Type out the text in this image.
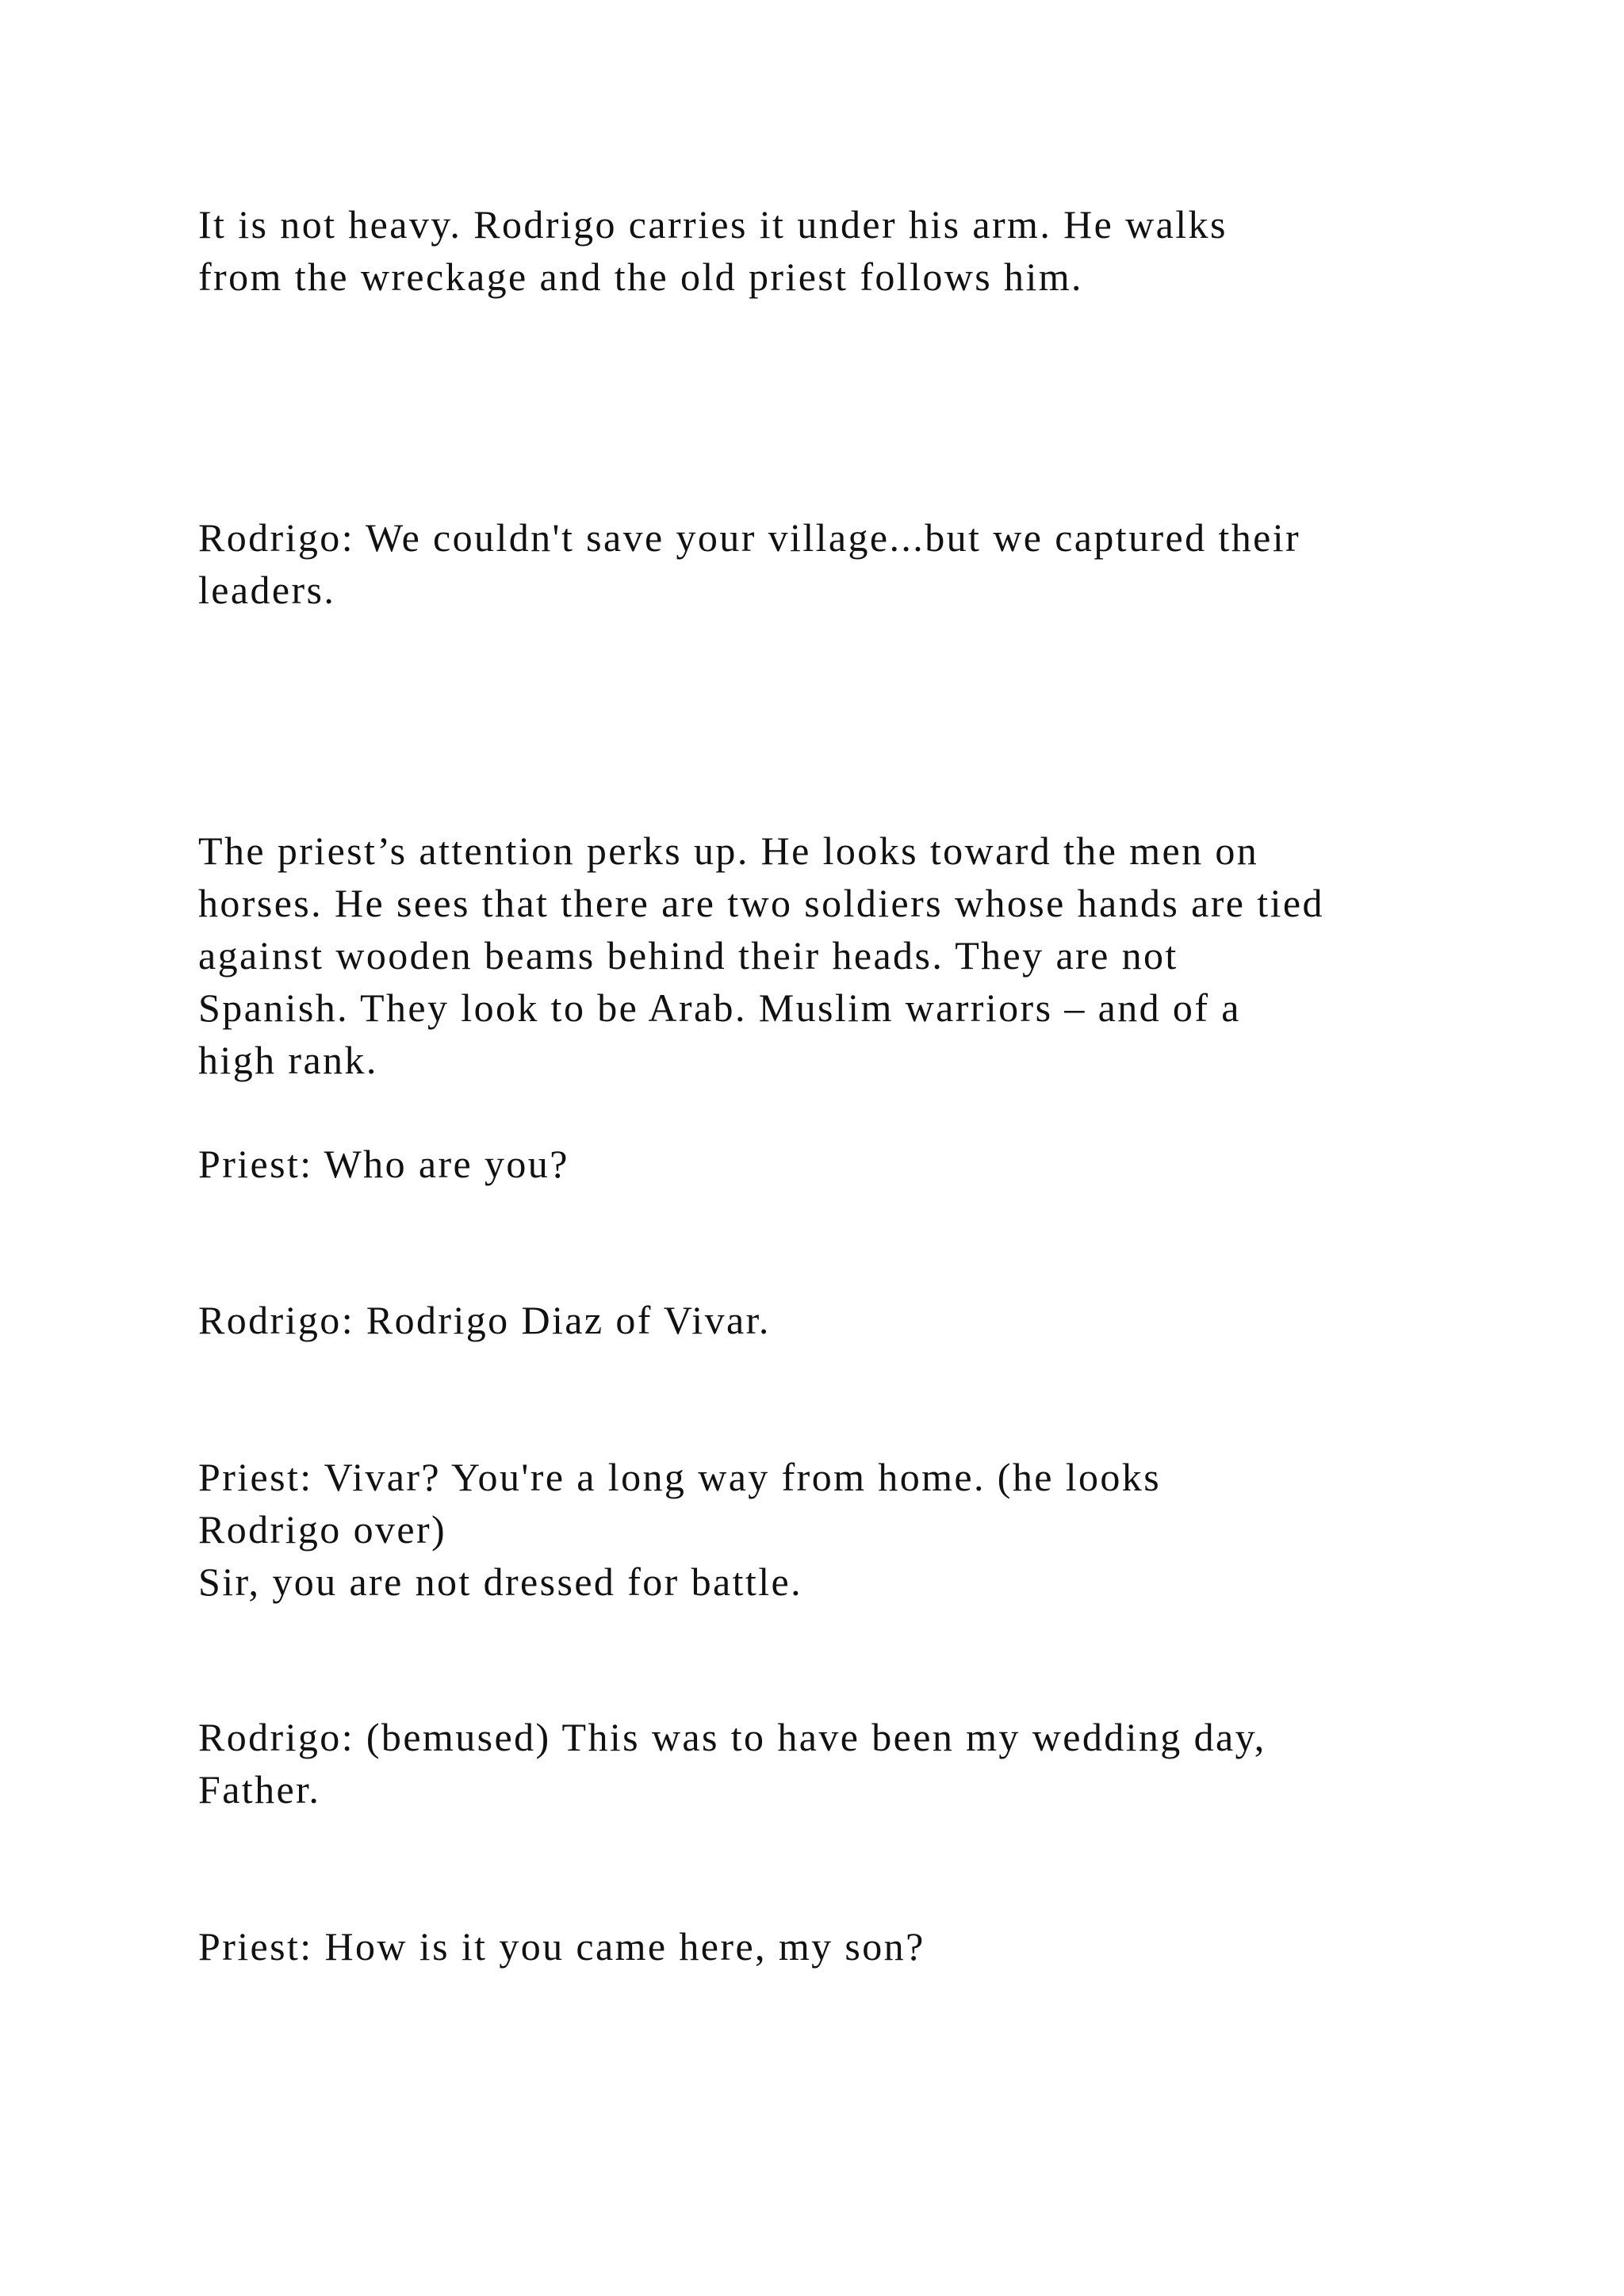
It is not heavy. Rodrigo carries it under his arm. He walks
from the wreckage and the old priest follows him.

Rodrigo: We couldn't save your village...but we captured their
leaders.

The priest’s attention perks up. He looks toward the men on
horses. He sees that there are two soldiers whose hands are tied
against wooden beams behind their heads. They are not
Spanish. They look to be Arab. Muslim warriors – and of a
high rank.

Priest: Who are you?

Rodrigo: Rodrigo Diaz of Vivar.

Priest: Vivar? You're a long way from home. (he looks
Rodrigo over)
Sir, you are not dressed for battle.

Rodrigo: (bemused) This was to have been my wedding day,
Father.

Priest: How is it you came here, my son?
